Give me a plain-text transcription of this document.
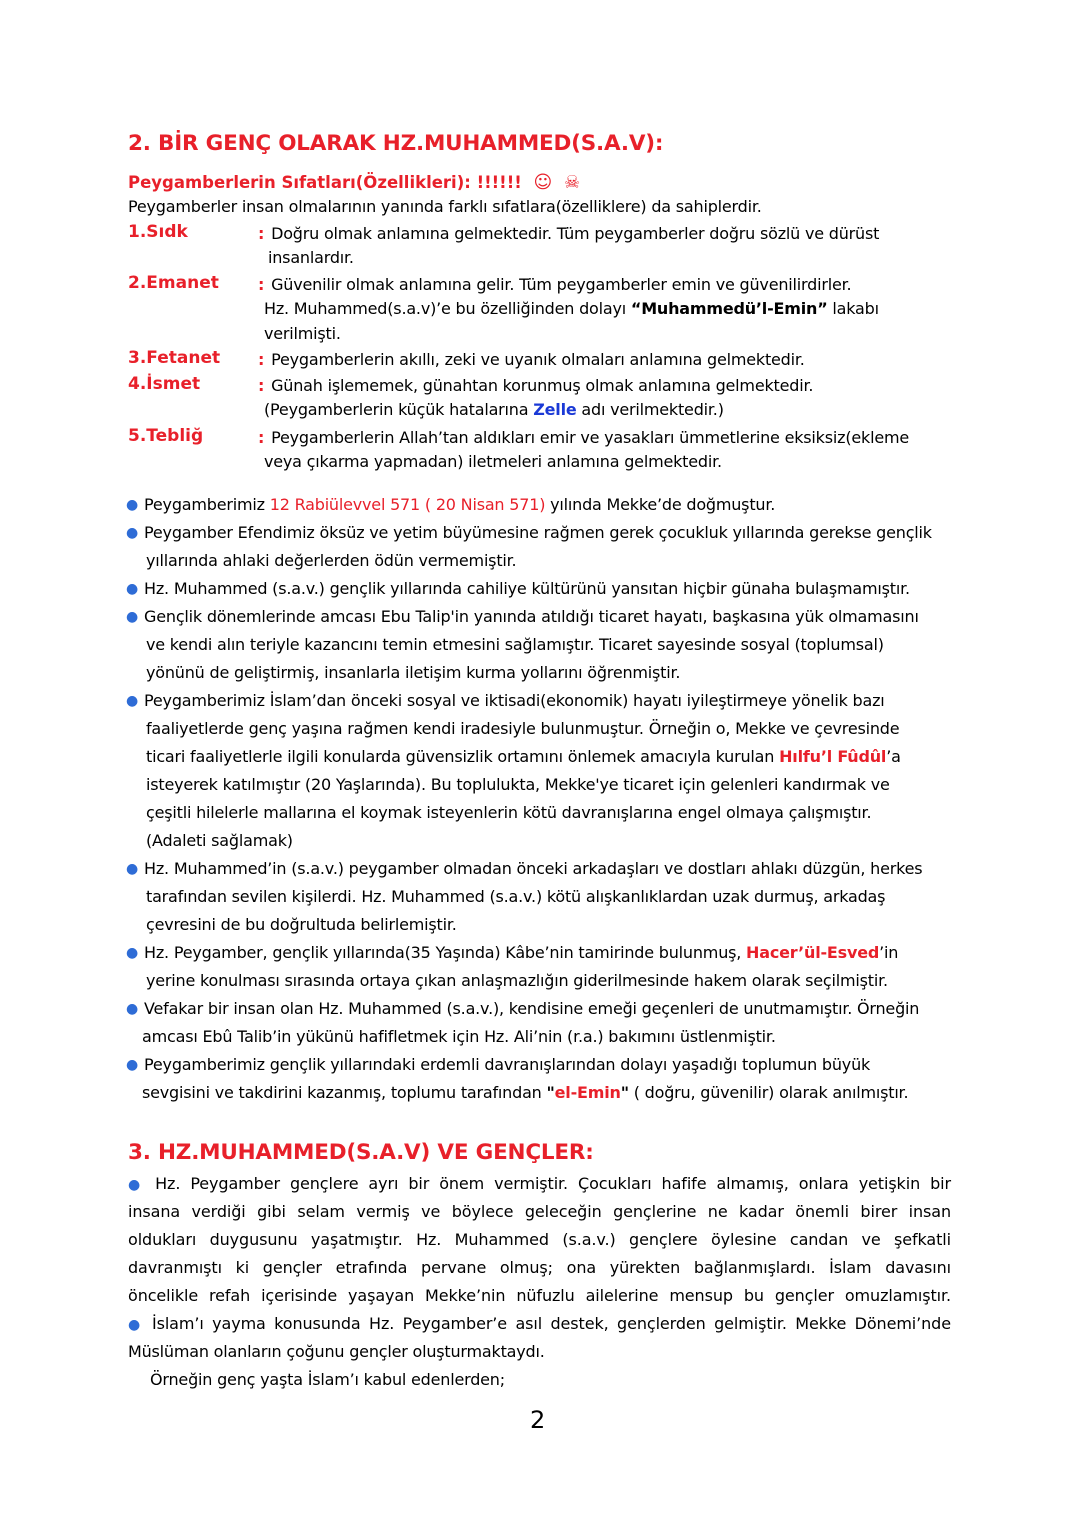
2. BİR GENÇ OLARAK HZ.MUHAMMED(S.A.V):
Peygamberlerin Sıfatları(Özellikleri): !!!!!! ☺ ☠
Peygamberler insan olmalarının yanında farklı sıfatlara(özelliklere) da sahiplerdir.
1.Sıdk	: Doğru olmak anlamına gelmektedir. Tüm peygamberler doğru sözlü ve dürüst
insanlardır.
2.Emanet : Güvenilir olmak anlamına gelir. Tüm peygamberler emin ve güvenilirdirler.
Hz. Muhammed(s.a.v)’e bu özelliğinden dolayı “Muhammedü’l-Emin” lakabı
verilmişti.
3.Fetanet : Peygamberlerin akıllı, zeki ve uyanık olmaları anlamına gelmektedir.
4.İsmet	: Günah işlememek, günahtan korunmuş olmak anlamına gelmektedir.
(Peygamberlerin küçük hatalarına Zelle adı verilmektedir.)
5.Tebliğ	: Peygamberlerin Allah’tan aldıkları emir ve yasakları ümmetlerine eksiksiz(ekleme
veya çıkarma yapmadan) iletmeleri anlamına gelmektedir.
● Peygamberimiz 12 Rabiülevvel 571 ( 20 Nisan 571) yılında Mekke’de doğmuştur.
● Peygamber Efendimiz öksüz ve yetim büyümesine rağmen gerek çocukluk yıllarında gerekse gençlik
yıllarında ahlaki değerlerden ödün vermemiştir.
● Hz. Muhammed (s.a.v.) gençlik yıllarında cahiliye kültürünü yansıtan hiçbir günaha bulaşmamıştır.
● Gençlik dönemlerinde amcası Ebu Talip'in yanında atıldığı ticaret hayatı, başkasına yük olmamasını
ve kendi alın teriyle kazancını temin etmesini sağlamıştır. Ticaret sayesinde sosyal (toplumsal)
yönünü de geliştirmiş, insanlarla iletişim kurma yollarını öğrenmiştir.
● Peygamberimiz İslam’dan önceki sosyal ve iktisadi(ekonomik) hayatı iyileştirmeye yönelik bazı
faaliyetlerde genç yaşına rağmen kendi iradesiyle bulunmuştur. Örneğin o, Mekke ve çevresinde
ticari faaliyetlerle ilgili konularda güvensizlik ortamını önlemek amacıyla kurulan Hılfu’l Fûdûl’a
isteyerek katılmıştır (20 Yaşlarında). Bu toplulukta, Mekke'ye ticaret için gelenleri kandırmak ve
çeşitli hilelerle mallarına el koymak isteyenlerin kötü davranışlarına engel olmaya çalışmıştır.
(Adaleti sağlamak)
● Hz. Muhammed’in (s.a.v.) peygamber olmadan önceki arkadaşları ve dostları ahlakı düzgün, herkes
tarafından sevilen kişilerdi. Hz. Muhammed (s.a.v.) kötü alışkanlıklardan uzak durmuş, arkadaş
çevresini de bu doğrultuda belirlemiştir.
● Hz. Peygamber, gençlik yıllarında(35 Yaşında) Kâbe’nin tamirinde bulunmuş, Hacer’ül-Esved’in
yerine konulması sırasında ortaya çıkan anlaşmazlığın giderilmesinde hakem olarak seçilmiştir.
● Vefakar bir insan olan Hz. Muhammed (s.a.v.), kendisine emeği geçenleri de unutmamıştır. Örneğin
amcası Ebû Talib’in yükünü hafifletmek için Hz. Ali’nin (r.a.) bakımını üstlenmiştir.
● Peygamberimiz gençlik yıllarındaki erdemli davranışlarından dolayı yaşadığı toplumun büyük
sevgisini ve takdirini kazanmış, toplumu tarafından "el-Emin" ( doğru, güvenilir) olarak anılmıştır.
3. HZ.MUHAMMED(S.A.V) VE GENÇLER:
● Hz. Peygamber gençlere ayrı bir önem vermiştir. Çocukları hafife almamış, onlara yetişkin bir
insana verdiği gibi selam vermiş ve böylece geleceğin gençlerine ne kadar önemli birer insan
oldukları duygusunu yaşatmıştır. Hz. Muhammed (s.a.v.) gençlere öylesine candan ve şefkatli
davranmıştı ki gençler etrafında pervane olmuş; ona yürekten bağlanmışlardı. İslam davasını
öncelikle refah içerisinde yaşayan Mekke’nin nüfuzlu ailelerine mensup bu gençler omuzlamıştır.
● İslam’ı yayma konusunda Hz. Peygamber’e asıl destek, gençlerden gelmiştir. Mekke Dönemi’nde
Müslüman olanların çoğunu gençler oluşturmaktaydı.
Örneğin genç yaşta İslam’ı kabul edenlerden;
2
